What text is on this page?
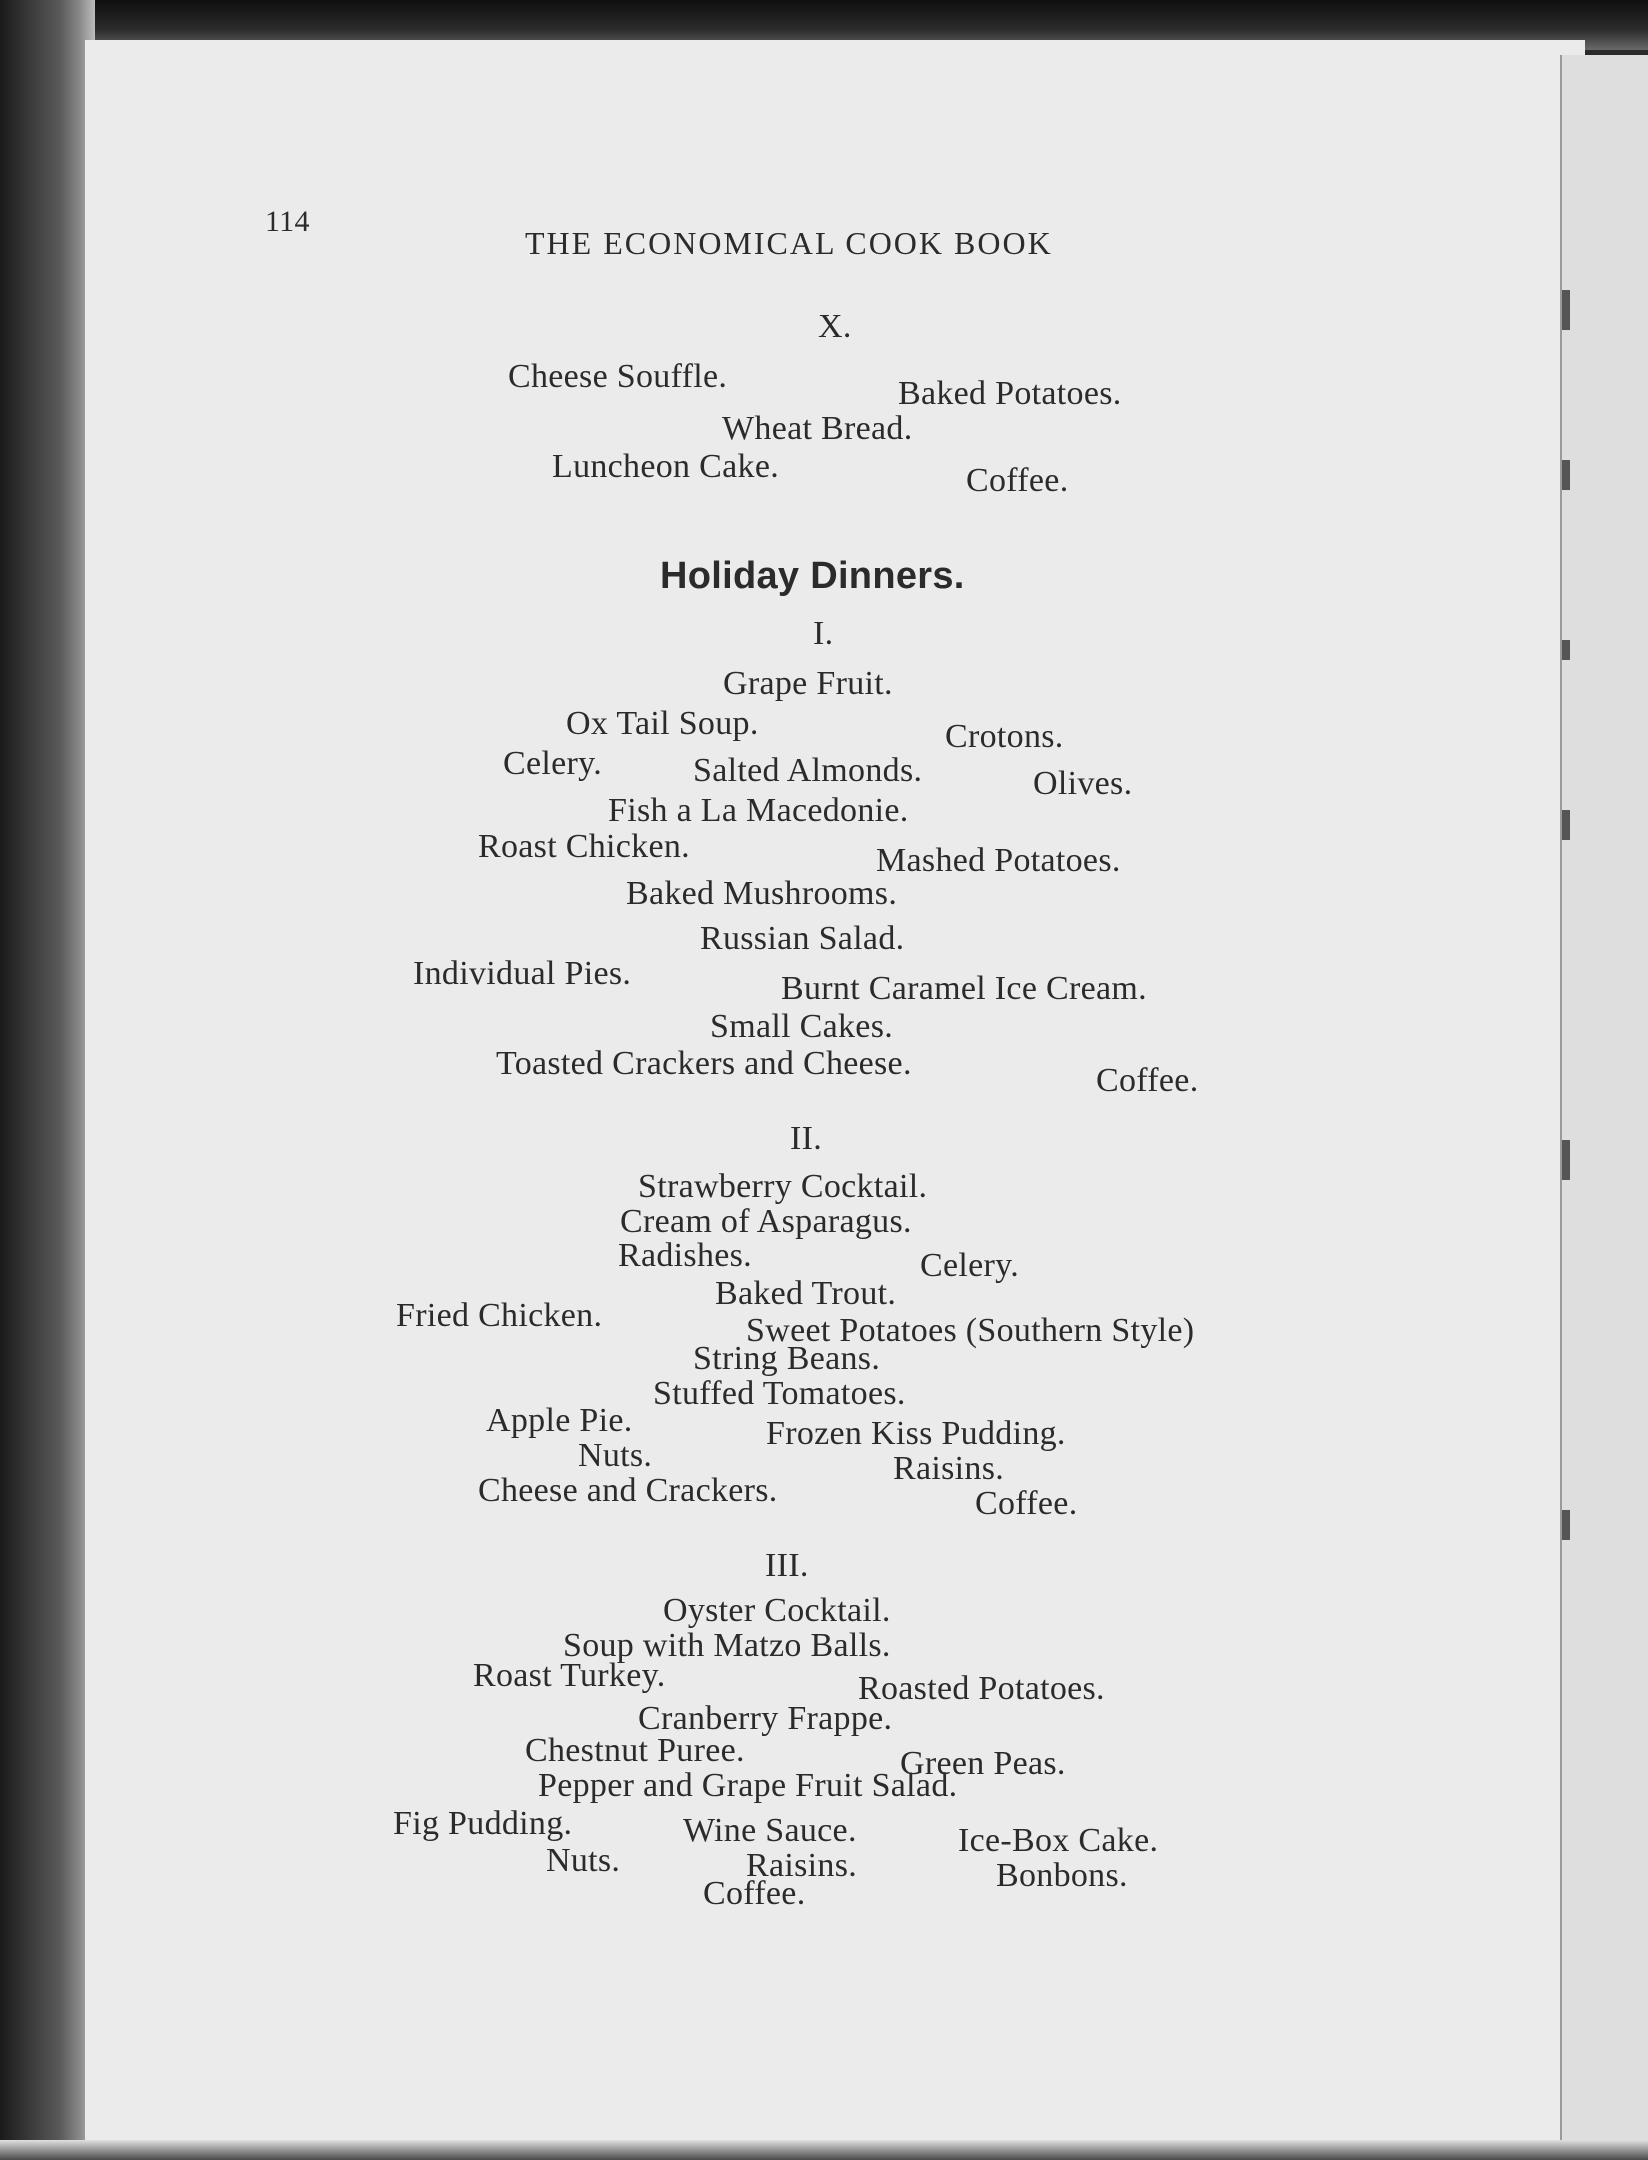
114
THE ECONOMICAL COOK BOOK
X.
Cheese Souffle.	Baked Potatoes.
Wheat Bread.
Luncheon Cake.	Coffee.
Holiday Dinners.
I.
Grape Fruit.
Ox Tail Soup.	Crotons.
Celery.	Salted Almonds.	Olives.
Fish a La Macedonie.
Roast Chicken.	Mashed Potatoes.
Baked Mushrooms.
Russian Salad.
Individual Pies.	Burnt Caramel Ice Cream.
Small Cakes.
Toasted Crackers and Cheese.	Coffee.
II.
Strawberry Cocktail.
Cream of Asparagus.
Radishes.	Celery.
Baked Trout.
Fried Chicken.	Sweet Potatoes (Southern Style)
String Beans.
Stuffed Tomatoes.
Apple Pie.	Frozen Kiss Pudding.
Nuts.	Raisins.
Cheese and Crackers.	Coffee.
III.
Oyster Cocktail.
Soup with Matzo Balls.
Roast Turkey.	Roasted Potatoes.
Cranberry Frappe.
Chestnut Puree.	Green Peas.
Pepper and Grape Fruit Salad.
Fig Pudding.	Wine Sauce.	Ice-Box Cake.
Nuts.	Raisins.	Bonbons.
Coffee.
